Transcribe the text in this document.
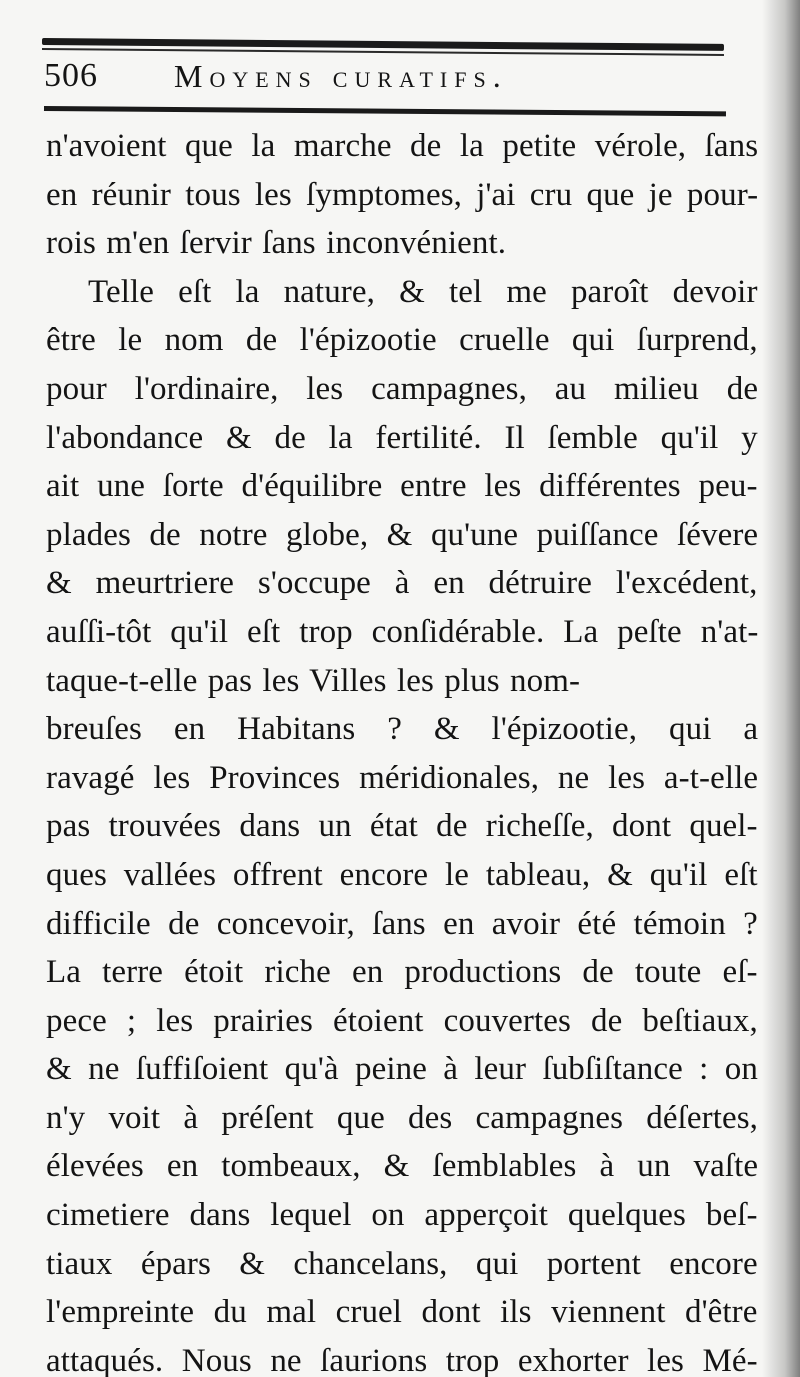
506 Moyens curatifs.
n'avoient que la marche de la petite vérole, ſans
en réunir tous les ſymptomes, j'ai cru que je pour-
rois m'en ſervir ſans inconvénient.
Telle eſt la nature, & tel me paroît devoir
être le nom de l'épizootie cruelle qui ſurprend,
pour l'ordinaire, les campagnes, au milieu de
l'abondance & de la fertilité. Il ſemble qu'il y
ait une ſorte d'équilibre entre les différentes peu-
plades de notre globe, & qu'une puiſſance ſévere
& meurtriere s'occupe à en détruire l'excédent,
auſſi-tôt qu'il eſt trop conſidérable. La peſte n'at-
taque-t-elle pas les Villes les plus nom-
breuſes en Habitans ? & l'épizootie, qui a
ravagé les Provinces méridionales, ne les a-t-elle
pas trouvées dans un état de richeſſe, dont quel-
ques vallées offrent encore le tableau, & qu'il eſt
difficile de concevoir, ſans en avoir été témoin ?
La terre étoit riche en productions de toute eſ-
pece ; les prairies étoient couvertes de beſtiaux,
& ne ſuffiſoient qu'à peine à leur ſubſiſtance : on
n'y voit à préſent que des campagnes déſertes,
élevées en tombeaux, & ſemblables à un vaſte
cimetiere dans lequel on apperçoit quelques beſ-
tiaux épars & chancelans, qui portent encore
l'empreinte du mal cruel dont ils viennent d'être
attaqués. Nous ne ſaurions trop exhorter les Mé-
